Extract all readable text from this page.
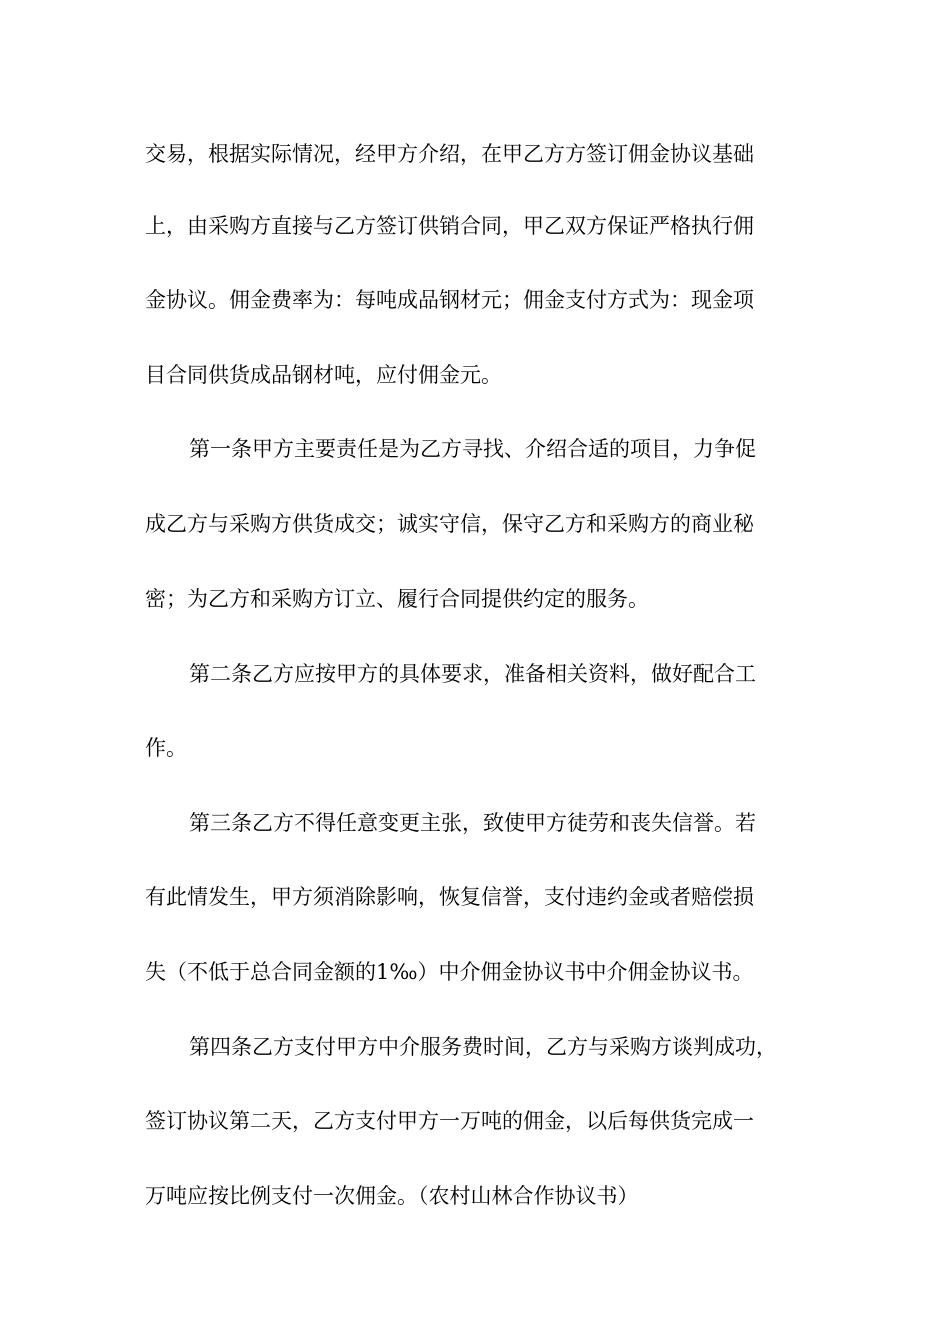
交易，根据实际情况，经甲方介绍，在甲乙方方签订佣金协议基础
上，由采购方直接与乙方签订供销合同，甲乙双方保证严格执行佣
金协议。佣金费率为：每吨成品钢材元；佣金支付方式为：现金项
目合同供货成品钢材吨，应付佣金元。
第一条甲方主要责任是为乙方寻找、介绍合适的项目，力争促
成乙方与采购方供货成交；诚实守信，保守乙方和采购方的商业秘
密；为乙方和采购方订立、履行合同提供约定的服务。
第二条乙方应按甲方的具体要求，准备相关资料，做好配合工
作。
第三条乙方不得任意变更主张，致使甲方徒劳和丧失信誉。若
有此情发生，甲方须消除影响，恢复信誉，支付违约金或者赔偿损
失（不低于总合同金额的1‰）中介佣金协议书中介佣金协议书。
第四条乙方支付甲方中介服务费时间，乙方与采购方谈判成功，
签订协议第二天，乙方支付甲方一万吨的佣金，以后每供货完成一
万吨应按比例支付一次佣金。（农村山林合作协议书）
